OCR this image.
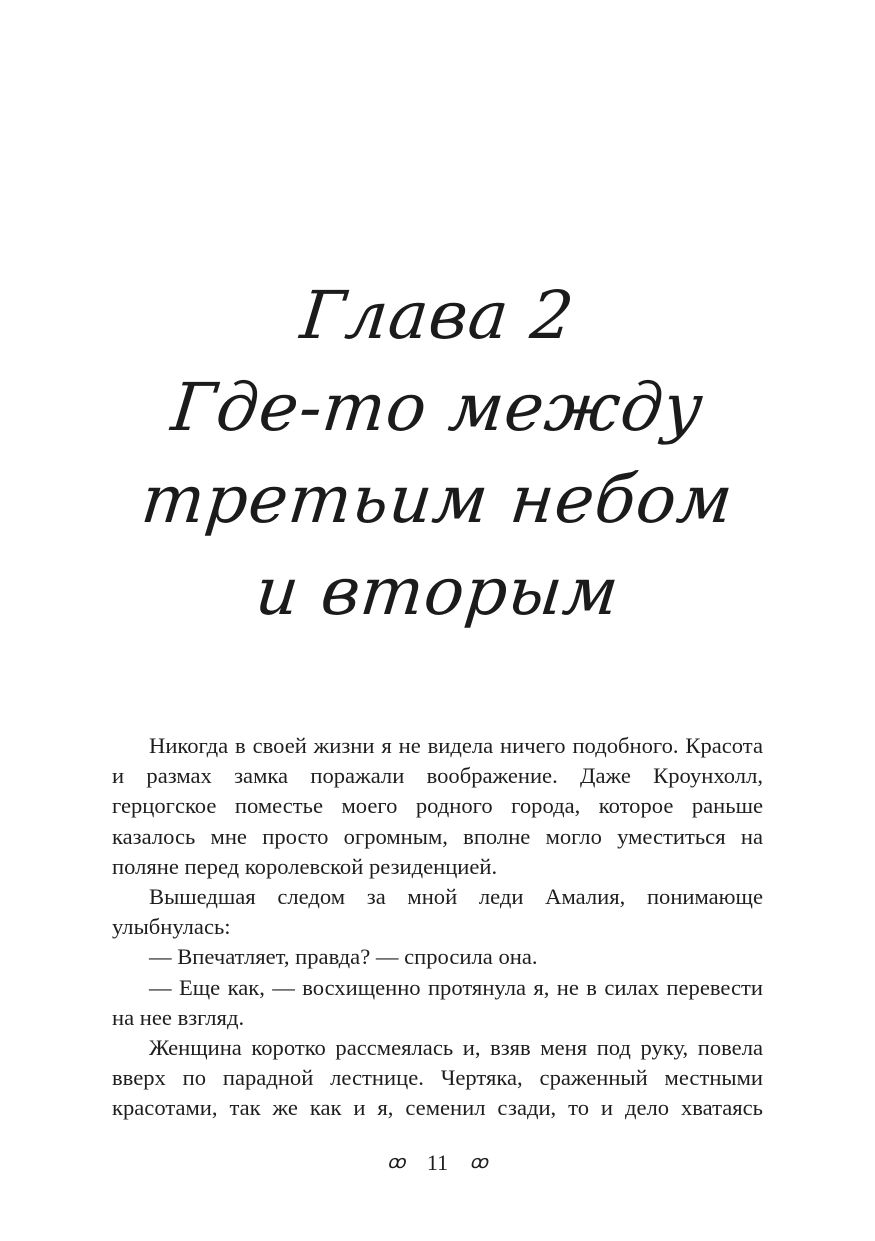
Глава 2
Где-то между
третьим небом
и вторым

Никогда в своей жизни я не видела ничего подобного. Красота и размах замка поражали воображение. Даже Кроунхолл, герцогское поместье моего родного города, которое раньше казалось мне просто огромным, вполне могло уместиться на поляне перед королевской резиденцией.

Вышедшая следом за мной леди Амалия, понимающе улыбнулась:

— Впечатляет, правда? — спросила она.

— Еще как, — восхищенно протянула я, не в силах перевести на нее взгляд.

Женщина коротко рассмеялась и, взяв меня под руку, повела вверх по парадной лестнице. Чертяка, сраженный местными красотами, так же как и я, семенил сзади, то и дело хватаясь

ꝏ 11 ꝏ
